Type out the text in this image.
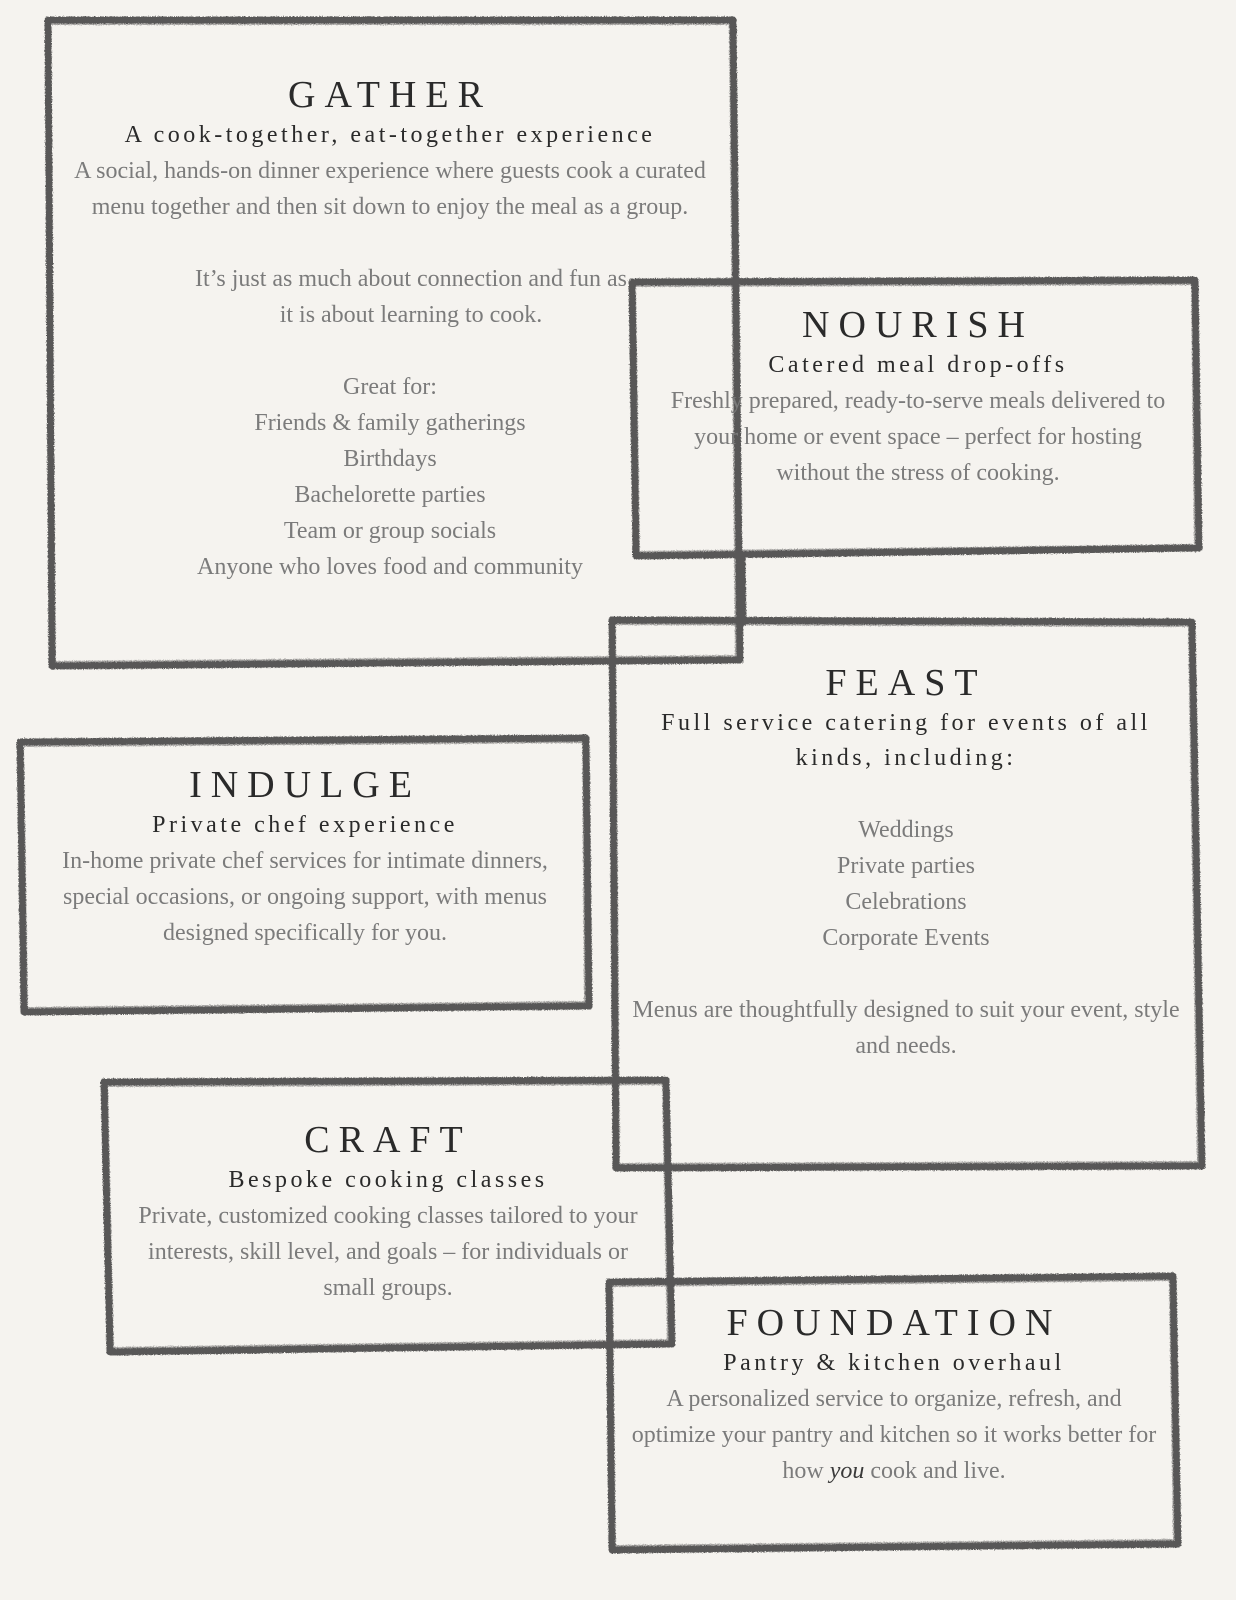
GATHER

A cook-together, eat-together experience

A social, hands-on dinner experience where guests cook a curated menu together and then sit down to enjoy the meal as a group.

It’s just as much about connection and fun as it is about learning to cook.

Great for:

Friends & family gatherings
Birthdays
Bachelorette parties
Team or group socials
Anyone who loves food and community
NOURISH

Catered meal drop-offs

Freshly prepared, ready-to-serve meals delivered to your home or event space – perfect for hosting without the stress of cooking.

FEAST

Full service catering for events of all kinds, including:

Weddings
Private parties
Celebrations
Corporate Events

Menus are thoughtfully designed to suit your event, style and needs.

INDULGE

Private chef experience

In-home private chef services for intimate dinners, special occasions, or ongoing support, with menus designed specifically for you.

CRAFT

Bespoke cooking classes

Private, customized cooking classes tailored to your interests, skill level, and goals – for individuals or small groups.

FOUNDATION

Pantry & kitchen overhaul

A personalized service to organize, refresh, and optimize your pantry and kitchen so it works better for how you cook and live.
